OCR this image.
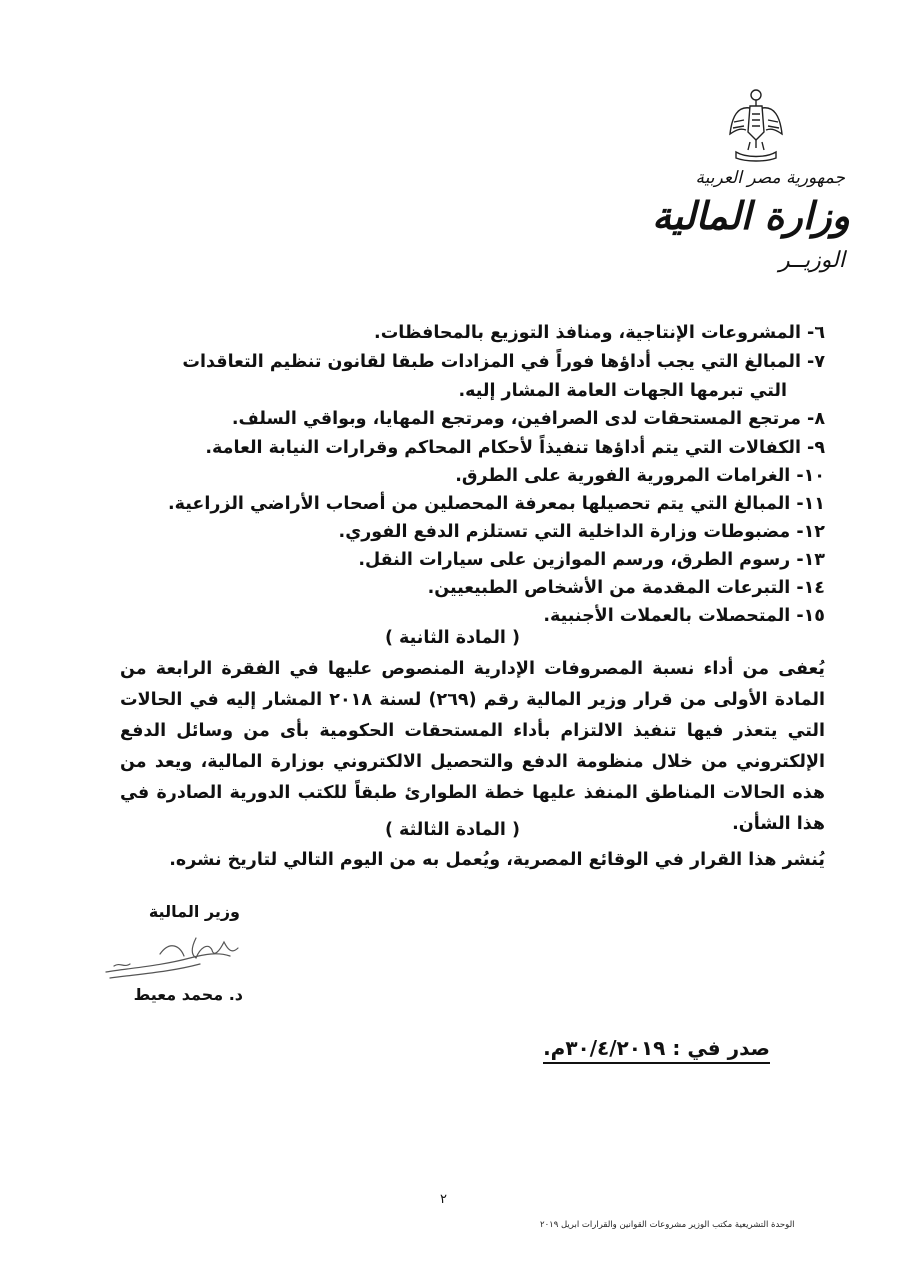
جمهورية مصر العربية
وزارة المالية
الوزيــر
٦- المشروعات الإنتاجية، ومنافذ التوزيع بالمحافظات.
٧- المبالغ التي يجب أداؤها فوراً في المزادات طبقا لقانون تنظيم التعاقدات
التي تبرمها الجهات العامة المشار إليه.
٨- مرتجع المستحقات لدى الصرافين، ومرتجع المهايا، وبواقي السلف.
٩- الكفالات التي يتم أداؤها تنفيذاً لأحكام المحاكم وقرارات النيابة العامة.
١٠- الغرامات المرورية الفورية على الطرق.
١١- المبالغ التي يتم تحصيلها بمعرفة المحصلين من أصحاب الأراضي الزراعية.
١٢- مضبوطات وزارة الداخلية التي تستلزم الدفع الفوري.
١٣- رسوم الطرق، ورسم الموازين على سيارات النقل.
١٤- التبرعات المقدمة من الأشخاص الطبيعيين.
١٥- المتحصلات بالعملات الأجنبية.
( المادة الثانية )
يُعفى من أداء نسبة المصروفات الإدارية المنصوص عليها في الفقرة الرابعة من المادة الأولى من قرار وزير المالية رقم (٢٦٩) لسنة ٢٠١٨ المشار إليه في الحالات التي يتعذر فيها تنفيذ الالتزام بأداء المستحقات الحكومية بأى من وسائل الدفع الإلكتروني من خلال منظومة الدفع والتحصيل الالكتروني بوزارة المالية، ويعد من هذه الحالات المناطق المنفذ عليها خطة الطوارئ طبقاً للكتب الدورية الصادرة في هذا الشأن.
( المادة الثالثة )
يُنشر هذا القرار في الوقائع المصرية، ويُعمل به من اليوم التالي لتاريخ نشره.
وزير المالية
د. محمد معيط
صدر في : ٣٠/٤/٢٠١٩م.
٢
الوحدة التشريعية مكتب الوزير مشروعات القوانين والقرارات ابريل ٢٠١٩
